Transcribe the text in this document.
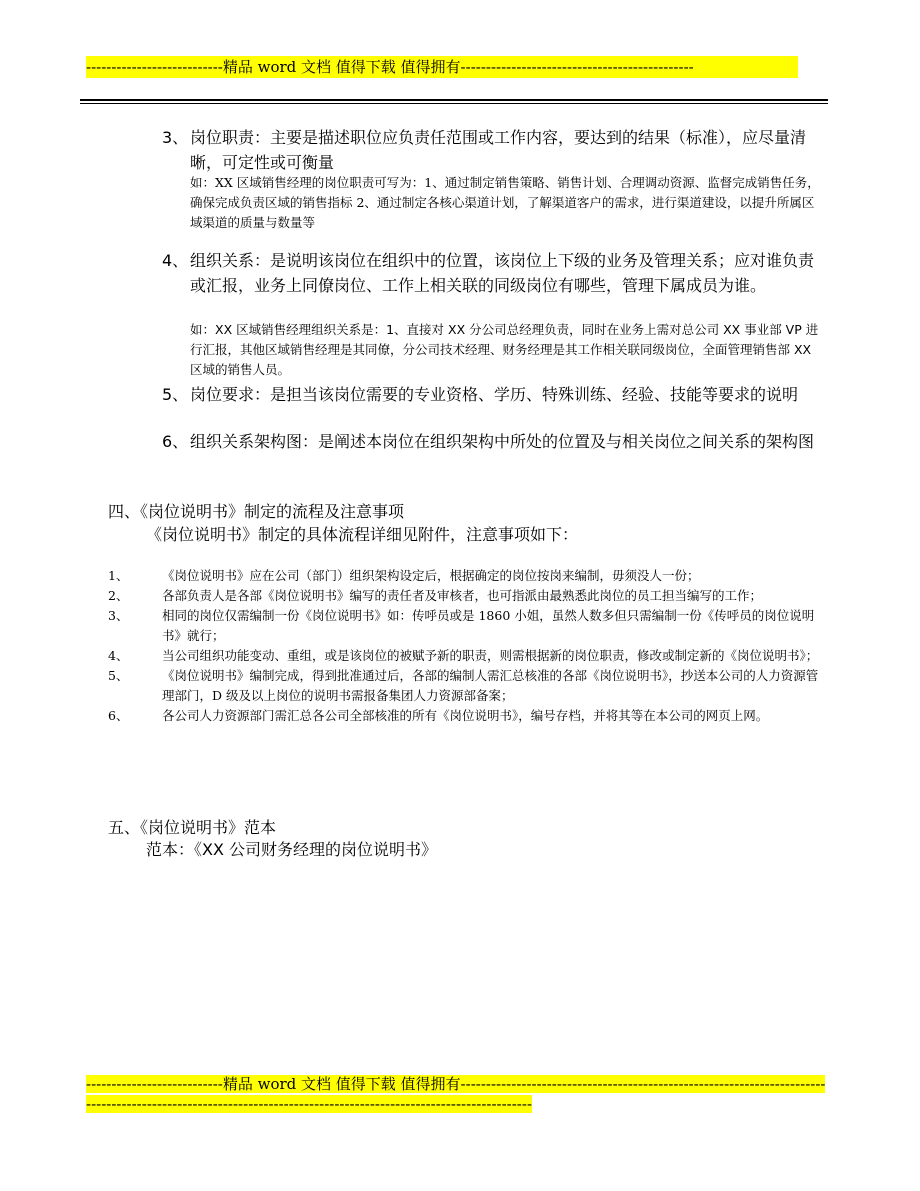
---------------------------精品 word 文档 值得下载 值得拥有----------------------------------------------
3、 岗位职责：主要是描述职位应负责任范围或工作内容，要达到的结果（标准），应尽量清晰，可定性或可衡量
如：XX 区域销售经理的岗位职责可写为：1、通过制定销售策略、销售计划、合理调动资源、监督完成销售任务，确保完成负责区域的销售指标 2、通过制定各核心渠道计划，了解渠道客户的需求，进行渠道建设，以提升所属区域渠道的质量与数量等
4、 组织关系：是说明该岗位在组织中的位置，该岗位上下级的业务及管理关系；应对谁负责或汇报，业务上同僚岗位、工作上相关联的同级岗位有哪些，管理下属成员为谁。
如：XX 区域销售经理组织关系是：1、直接对 XX 分公司总经理负责，同时在业务上需对总公司 XX 事业部 VP 进行汇报，其他区域销售经理是其同僚，分公司技术经理、财务经理是其工作相关联同级岗位，全面管理销售部 XX 区域的销售人员。
5、 岗位要求：是担当该岗位需要的专业资格、学历、特殊训练、经验、技能等要求的说明
6、 组织关系架构图：是阐述本岗位在组织架构中所处的位置及与相关岗位之间关系的架构图
四、《岗位说明书》制定的流程及注意事项
《岗位说明书》制定的具体流程详细见附件，注意事项如下：
1、	《岗位说明书》应在公司（部门）组织架构设定后，根据确定的岗位按岗来编制，毋须没人一份；
2、	各部负责人是各部《岗位说明书》编写的责任者及审核者，也可指派由最熟悉此岗位的员工担当编写的工作；
3、	相同的岗位仅需编制一份《岗位说明书》如：传呼员或是 1860 小姐，虽然人数多但只需编制一份《传呼员的岗位说明书》就行；
4、	当公司组织功能变动、重组，或是该岗位的被赋予新的职责，则需根据新的岗位职责，修改或制定新的《岗位说明书》；
5、	《岗位说明书》编制完成，得到批准通过后，各部的编制人需汇总核准的各部《岗位说明书》，抄送本公司的人力资源管理部门，D 级及以上岗位的说明书需报备集团人力资源部备案；
6、	各公司人力资源部门需汇总各公司全部核准的所有《岗位说明书》，编号存档，并将其等在本公司的网页上网。
五、《岗位说明书》范本
范本：《XX 公司财务经理的岗位说明书》
---------------------------精品 word 文档 值得下载 值得拥有----------------------------------------------------------------------------------------------------------------------------------------------------------------
